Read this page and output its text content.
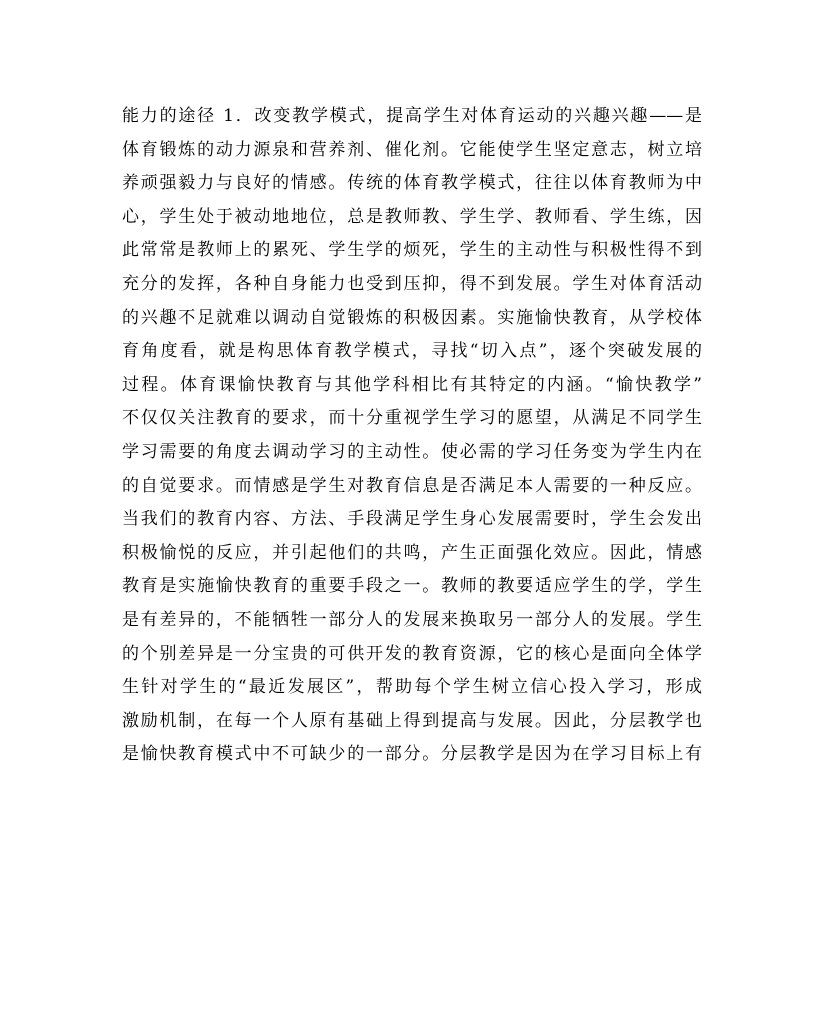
能力的途径 1．改变教学模式，提高学生对体育运动的兴趣兴趣——是
体育锻炼的动力源泉和营养剂、催化剂。它能使学生坚定意志，树立培
养顽强毅力与良好的情感。传统的体育教学模式，往往以体育教师为中
心，学生处于被动地地位，总是教师教、学生学、教师看、学生练，因
此常常是教师上的累死、学生学的烦死，学生的主动性与积极性得不到
充分的发挥，各种自身能力也受到压抑，得不到发展。学生对体育活动
的兴趣不足就难以调动自觉锻炼的积极因素。实施愉快教育，从学校体
育角度看，就是构思体育教学模式，寻找“切入点”，逐个突破发展的
过程。体育课愉快教育与其他学科相比有其特定的内涵。“愉快教学”
不仅仅关注教育的要求，而十分重视学生学习的愿望，从满足不同学生
学习需要的角度去调动学习的主动性。使必需的学习任务变为学生内在
的自觉要求。而情感是学生对教育信息是否满足本人需要的一种反应。
当我们的教育内容、方法、手段满足学生身心发展需要时，学生会发出
积极愉悦的反应，并引起他们的共鸣，产生正面强化效应。因此，情感
教育是实施愉快教育的重要手段之一。教师的教要适应学生的学，学生
是有差异的，不能牺牲一部分人的发展来换取另一部分人的发展。学生
的个别差异是一分宝贵的可供开发的教育资源，它的核心是面向全体学
生针对学生的“最近发展区”，帮助每个学生树立信心投入学习，形成
激励机制，在每一个人原有基础上得到提高与发展。因此，分层教学也
是愉快教育模式中不可缺少的一部分。分层教学是因为在学习目标上有
